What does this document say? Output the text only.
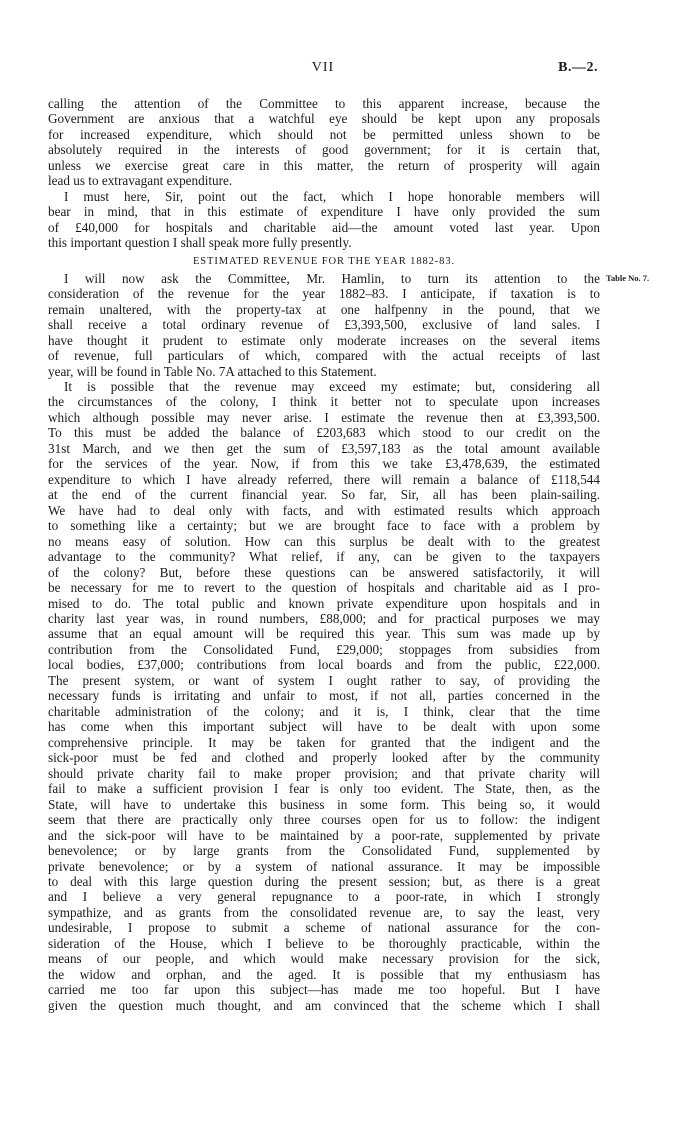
VII	B.—2.
Table No. 7.
calling the attention of the Committee to this apparent increase, because the
Government are anxious that a watchful eye should be kept upon any proposals
for increased expenditure, which should not be permitted unless shown to be
absolutely required in the interests of good government; for it is certain that,
unless we exercise great care in this matter, the return of prosperity will again
lead us to extravagant expenditure.
I must here, Sir, point out the fact, which I hope honorable members will
bear in mind, that in this estimate of expenditure I have only provided the sum
of £40,000 for hospitals and charitable aid—the amount voted last year. Upon
this important question I shall speak more fully presently.
ESTIMATED REVENUE FOR THE YEAR 1882-83.
I will now ask the Committee, Mr. Hamlin, to turn its attention to the
consideration of the revenue for the year 1882–83. I anticipate, if taxation is to
remain unaltered, with the property-tax at one halfpenny in the pound, that we
shall receive a total ordinary revenue of £3,393,500, exclusive of land sales. I
have thought it prudent to estimate only moderate increases on the several items
of revenue, full particulars of which, compared with the actual receipts of last
year, will be found in Table No. 7A attached to this Statement.
It is possible that the revenue may exceed my estimate; but, considering all
the circumstances of the colony, I think it better not to speculate upon increases
which although possible may never arise. I estimate the revenue then at £3,393,500.
To this must be added the balance of £203,683 which stood to our credit on the
31st March, and we then get the sum of £3,597,183 as the total amount available
for the services of the year. Now, if from this we take £3,478,639, the estimated
expenditure to which I have already referred, there will remain a balance of £118,544
at the end of the current financial year. So far, Sir, all has been plain-sailing.
We have had to deal only with facts, and with estimated results which approach
to something like a certainty; but we are brought face to face with a problem by
no means easy of solution. How can this surplus be dealt with to the greatest
advantage to the community? What relief, if any, can be given to the taxpayers
of the colony? But, before these questions can be answered satisfactorily, it will
be necessary for me to revert to the question of hospitals and charitable aid as I pro-
mised to do. The total public and known private expenditure upon hospitals and in
charity last year was, in round numbers, £88,000; and for practical purposes we may
assume that an equal amount will be required this year. This sum was made up by
contribution from the Consolidated Fund, £29,000; stoppages from subsidies from
local bodies, £37,000; contributions from local boards and from the public, £22,000.
The present system, or want of system I ought rather to say, of providing the
necessary funds is irritating and unfair to most, if not all, parties concerned in the
charitable administration of the colony; and it is, I think, clear that the time
has come when this important subject will have to be dealt with upon some
comprehensive principle. It may be taken for granted that the indigent and the
sick-poor must be fed and clothed and properly looked after by the community
should private charity fail to make proper provision; and that private charity will
fail to make a sufficient provision I fear is only too evident. The State, then, as the
State, will have to undertake this business in some form. This being so, it would
seem that there are practically only three courses open for us to follow: the indigent
and the sick-poor will have to be maintained by a poor-rate, supplemented by private
benevolence; or by large grants from the Consolidated Fund, supplemented by
private benevolence; or by a system of national assurance. It may be impossible
to deal with this large question during the present session; but, as there is a great
and I believe a very general repugnance to a poor-rate, in which I strongly
sympathize, and as grants from the consolidated revenue are, to say the least, very
undesirable, I propose to submit a scheme of national assurance for the con-
sideration of the House, which I believe to be thoroughly practicable, within the
means of our people, and which would make necessary provision for the sick,
the widow and orphan, and the aged. It is possible that my enthusiasm has
carried me too far upon this subject—has made me too hopeful. But I have
given the question much thought, and am convinced that the scheme which I shall
